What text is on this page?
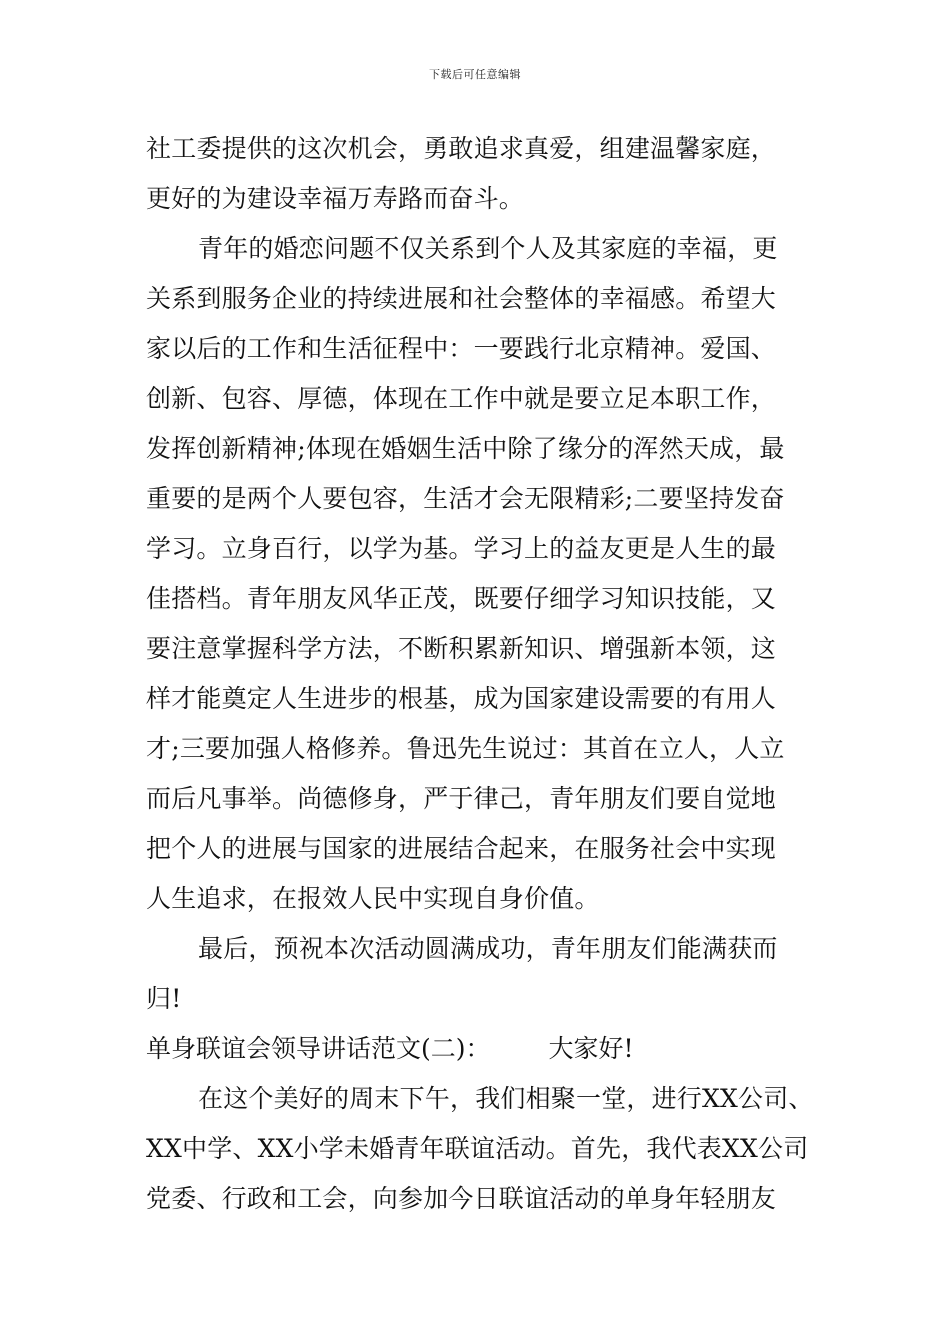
下载后可任意编辑
社工委提供的这次机会，勇敢追求真爱，组建温馨家庭，
更好的为建设幸福万寿路而奋斗。
青年的婚恋问题不仅关系到个人及其家庭的幸福，更
关系到服务企业的持续进展和社会整体的幸福感。希望大
家以后的工作和生活征程中：一要践行北京精神。爱国、
创新、包容、厚德，体现在工作中就是要立足本职工作，
发挥创新精神;体现在婚姻生活中除了缘分的浑然天成，最
重要的是两个人要包容，生活才会无限精彩;二要坚持发奋
学习。立身百行，以学为基。学习上的益友更是人生的最
佳搭档。青年朋友风华正茂，既要仔细学习知识技能，又
要注意掌握科学方法，不断积累新知识、增强新本领，这
样才能奠定人生进步的根基，成为国家建设需要的有用人
才;三要加强人格修养。鲁迅先生说过：其首在立人，人立
而后凡事举。尚德修身，严于律己，青年朋友们要自觉地
把个人的进展与国家的进展结合起来，在服务社会中实现
人生追求，在报效人民中实现自身价值。
最后，预祝本次活动圆满成功，青年朋友们能满获而
归!
单身联谊会领导讲话范文(二)： 大家好!
在这个美好的周末下午，我们相聚一堂，进行XX公司、
XX中学、XX小学未婚青年联谊活动。首先，我代表XX公司
党委、行政和工会，向参加今日联谊活动的单身年轻朋友
